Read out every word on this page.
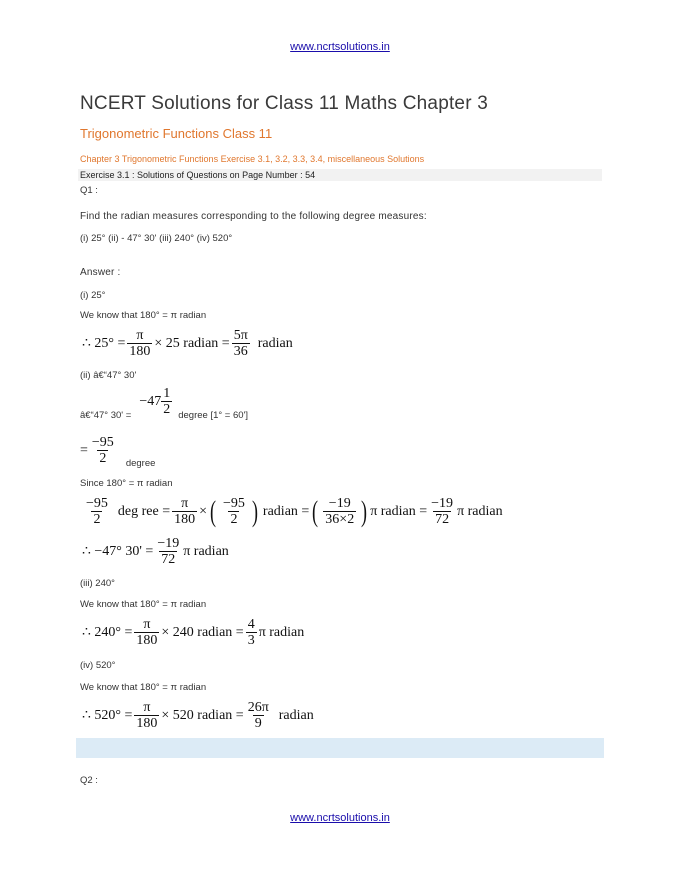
www.ncrtsolutions.in
NCERT Solutions for Class 11 Maths Chapter 3
Trigonometric Functions Class 11
Chapter 3 Trigonometric Functions Exercise 3.1, 3.2, 3.3, 3.4, miscellaneous Solutions
Exercise 3.1 : Solutions of Questions on Page Number : 54
Q1 :
Find the radian measures corresponding to the following degree measures:
(i) 25° (ii) - 47° 30' (iii) 240° (iv) 520°
Answer :
(i) 25°
We know that 180° = π radian
∴ $25^\circ = \frac{\pi}{180} \times 25$ radian = $\frac{5\pi}{36}$ radian
(ii) â€“47° 30'
â€“47° 30' =
$-47 \frac{1}{2}$ degree [1° = 60']
= $\frac{-95}{2}$ degree
Since 180° = π radian
$\frac{-95}{2}$ deg ree = $\frac{\pi}{180}$ × ( $\frac{-95}{2}$ ) radian = ( $\frac{-19}{36\times 2}$ ) π radian = $\frac{-19}{72}$ π radian
∴ −47° $30' = \frac{-19}{72}$ π radian
(iii) 240°
We know that 180° = π radian
∴ $240^\circ = \frac{\pi}{180} \times 240$ radian = $\frac{4}{3}$ π radian
(iv) 520°
We know that 180° = π radian
∴ $520^\circ = \frac{\pi}{180} \times 520$ radian = $\frac{26\pi}{9}$ radian
Q2 :
www.ncrtsolutions.in
